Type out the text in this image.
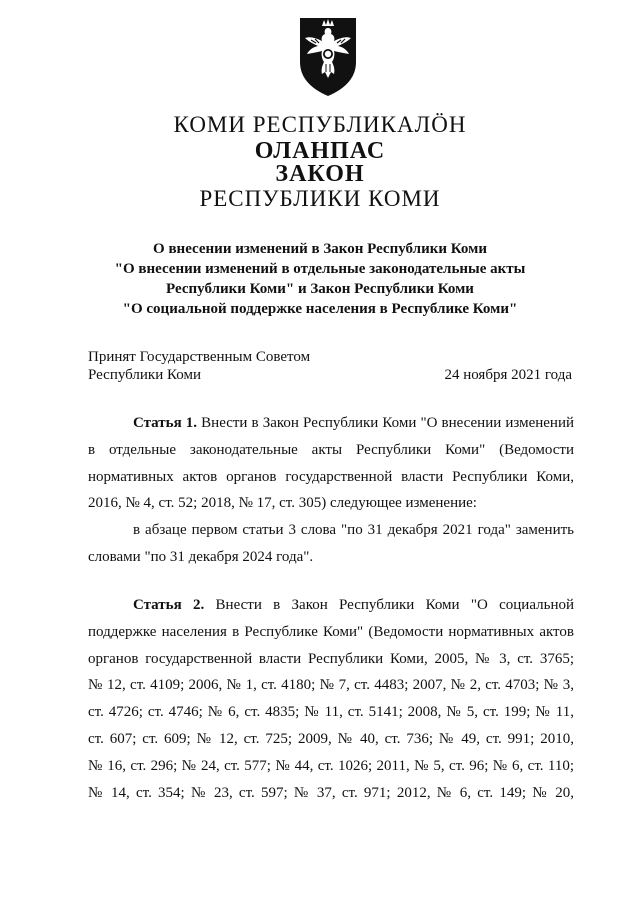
КОМИ РЕСПУБЛИКАЛÖН
ОЛАНПАС
ЗАКОН
РЕСПУБЛИКИ КОМИ
О внесении изменений в Закон Республики Коми
"О внесении изменений в отдельные законодательные акты
Республики Коми" и Закон Республики Коми
"О социальной поддержке населения в Республике Коми"
Принят Государственным Советом
Республики Коми	24 ноября 2021 года
Статья 1. Внести в Закон Республики Коми "О внесении изменений
в отдельные законодательные акты Республики Коми" (Ведомости
нормативных актов органов государственной власти Республики Коми,
2016, № 4, ст. 52; 2018, № 17, ст. 305) следующее изменение:
в абзаце первом статьи 3 слова "по 31 декабря 2021 года" заменить
словами "по 31 декабря 2024 года".
Статья 2. Внести в Закон Республики Коми "О социальной
поддержке населения в Республике Коми" (Ведомости нормативных актов
органов государственной власти Республики Коми, 2005, № 3, ст. 3765;
№ 12, ст. 4109; 2006, № 1, ст. 4180; № 7, ст. 4483; 2007, № 2, ст. 4703; № 3,
ст. 4726; ст. 4746; № 6, ст. 4835; № 11, ст. 5141; 2008, № 5, ст. 199; № 11,
ст. 607; ст. 609; № 12, ст. 725; 2009, № 40, ст. 736; № 49, ст. 991; 2010,
№ 16, ст. 296; № 24, ст. 577; № 44, ст. 1026; 2011, № 5, ст. 96; № 6, ст. 110;
№ 14, ст. 354; № 23, ст. 597; № 37, ст. 971; 2012, № 6, ст. 149; № 20,
